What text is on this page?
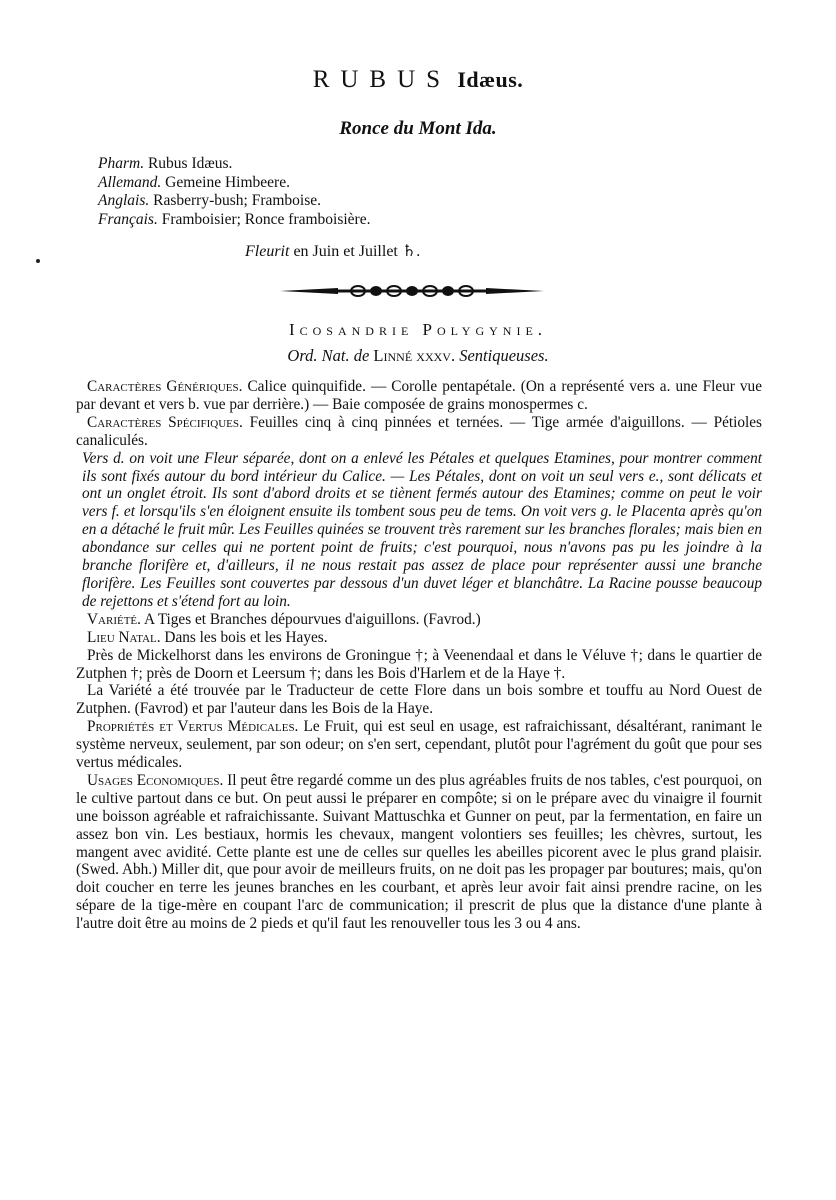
RUBUS Idæus.
Ronce du Mont Ida.
Pharm. Rubus Idæus.
Allemand. Gemeine Himbeere.
Anglais. Rasberry-bush; Framboise.
Français. Framboisier; Ronce framboisière.
Fleurit en Juin et Juillet ♄.
Icosandrie Polygynie.
Ord. Nat. de Linné xxxv. Sentiqueuses.

Caractères Génériques. Calice quinquifide. — Corolle pentapétale. (On a représenté vers a. une Fleur vue par devant et vers b. vue par derrière.) — Baie composée de grains monospermes c.

Caractères Spécifiques. Feuilles cinq à cinq pinnées et ternées. — Tige armée d'aiguillons. — Pétioles canaliculés.

Vers d. on voit une Fleur séparée, dont on a enlevé les Pétales et quelques Etamines, pour montrer comment ils sont fixés autour du bord intérieur du Calice. — Les Pétales, dont on voit un seul vers e., sont délicats et ont un onglet étroit. Ils sont d'abord droits et se tiènent fermés autour des Etamines; comme on peut le voir vers f. et lorsqu'ils s'en éloignent ensuite ils tombent sous peu de tems. On voit vers g. le Placenta après qu'on en a détaché le fruit mûr. Les Feuilles quinées se trouvent très rarement sur les branches florales; mais bien en abondance sur celles qui ne portent point de fruits; c'est pourquoi, nous n'avons pas pu les joindre à la branche florifère et, d'ailleurs, il ne nous restait pas assez de place pour représenter aussi une branche florifère. Les Feuilles sont couvertes par dessous d'un duvet léger et blanchâtre. La Racine pousse beaucoup de rejettons et s'étend fort au loin.

Variété. A Tiges et Branches dépourvues d'aiguillons. (Favrod.)

Lieu Natal. Dans les bois et les Hayes.

Près de Mickelhorst dans les environs de Groningue †; à Veenendaal et dans le Véluve †; dans le quartier de Zutphen †; près de Doorn et Leersum †; dans les Bois d'Harlem et de la Haye †.

La Variété a été trouvée par le Traducteur de cette Flore dans un bois sombre et touffu au Nord Ouest de Zutphen. (Favrod) et par l'auteur dans les Bois de la Haye.

Propriétés et Vertus Médicales. Le Fruit, qui est seul en usage, est rafraichissant, désaltérant, ranimant le système nerveux, seulement, par son odeur; on s'en sert, cependant, plutôt pour l'agrément du goût que pour ses vertus médicales.

Usages Economiques. Il peut être regardé comme un des plus agréables fruits de nos tables, c'est pourquoi, on le cultive partout dans ce but. On peut aussi le préparer en compôte; si on le prépare avec du vinaigre il fournit une boisson agréable et rafraichissante. Suivant Mattuschka et Gunner on peut, par la fermentation, en faire un assez bon vin. Les bestiaux, hormis les chevaux, mangent volontiers ses feuilles; les chèvres, surtout, les mangent avec avidité. Cette plante est une de celles sur quelles les abeilles picorent avec le plus grand plaisir. (Swed. Abh.) Miller dit, que pour avoir de meilleurs fruits, on ne doit pas les propager par boutures; mais, qu'on doit coucher en terre les jeunes branches en les courbant, et après leur avoir fait ainsi prendre racine, on les sépare de la tige-mère en coupant l'arc de communication; il prescrit de plus que la distance d'une plante à l'autre doit être au moins de 2 pieds et qu'il faut les renouveller tous les 3 ou 4 ans.
